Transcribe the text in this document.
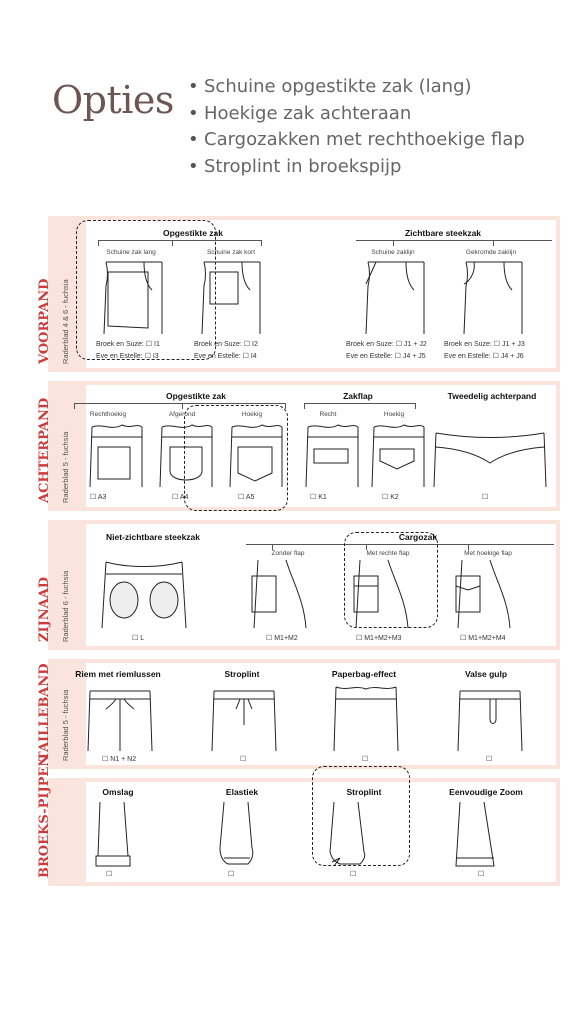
Opties
•	Schuine opgestikte zak (lang)
• Hoekige zak achteraan
• Cargozakken met rechthoekige flap
• Stroplint in broekspijp
VOORPAND Raderblad 4 & 6 - fuchsia
Opgestikte zak	Zichtbare steekzak
Schuine zak lang	Schuine zak kort	Schuine zaklijn	Gekromde zaklijn
Broek en Suze: ☐ I1
Eve en Estelle: ☐ I3
Broek en Suze: ☐ I2
Eve en Estelle: ☐ I4
Broek en Suze: ☐ J1 + J2
Eve en Estelle: ☐ J4 + J5
Broek en Suze: ☐ J1 + J3
Eve en Estelle: ☐ J4 + J6
ACHTERPAND Raderblad 5 - fuchsia
Opgestikte zak	Zakflap	Tweedelig achterpand
Rechthoekig	Afgerond	Hoekig	Recht	Hoekig
☐ A3	☐ A4	☐ A5	☐ K1	☐ K2	☐
ZIJNAAD Raderblad 6 - fuchsia
Niet-zichtbare steekzak	Cargozak
Zonder flap	Met rechte flap	Met hoekige flap
☐ L	☐ M1+M2	☐ M1+M2+M3	☐ M1+M2+M4
TAILLEBAND Raderblad 5 - fuchsia
Riem met riemlussen	Stroplint	Paperbag-effect	Valse gulp
☐ N1 + N2	☐	☐	☐
BROEKS-PIJPEN	Omslag	Elastiek	Stroplint	Eenvoudige Zoom
☐	☐	☐	☐
